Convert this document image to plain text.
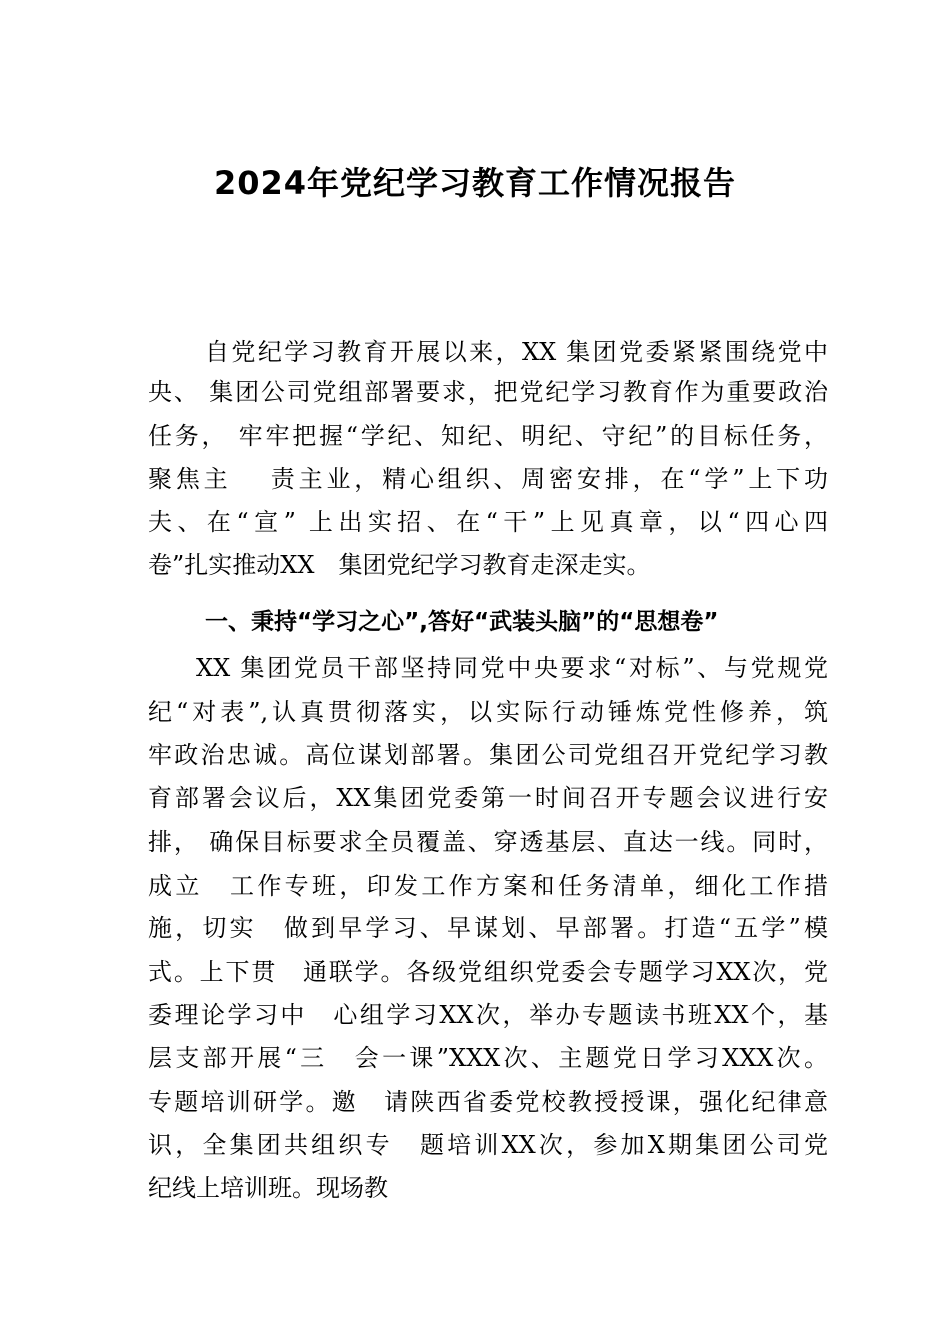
2024年党纪学习教育工作情况报告
自党纪学习教育开展以来，XX 集团党委紧紧围绕党中
央、 集团公司党组部署要求，把党纪学习教育作为重要政治
任务， 牢牢把握“学纪、知纪、明纪、守纪”的目标任务，
聚焦主　 责主业，精心组织、周密安排，在“学”上下功
夫、在“宣” 上出实招、在“干”上见真章，以“四心四
卷”扎实推动XX　集团党纪学习教育走深走实。
一、秉持“学习之心”,答好“武装头脑”的“思想卷”
XX 集团党员干部坚持同党中央要求“对标”、与党规党
纪“对表”,认真贯彻落实，以实际行动锤炼党性修养，筑
牢政治忠诚。高位谋划部署。集团公司党组召开党纪学习教
育部署会议后，XX集团党委第一时间召开专题会议进行安
排， 确保目标要求全员覆盖、穿透基层、直达一线。同时，
成立　工作专班，印发工作方案和任务清单，细化工作措
施，切实　做到早学习、早谋划、早部署。打造“五学”模
式。上下贯　通联学。各级党组织党委会专题学习XX次，党
委理论学习中　心组学习XX次，举办专题读书班XX个，基
层支部开展“三　会一课”XXX次、主题党日学习XXX次。
专题培训研学。邀　请陕西省委党校教授授课，强化纪律意
识，全集团共组织专　题培训XX次，参加X期集团公司党
纪线上培训班。现场教
